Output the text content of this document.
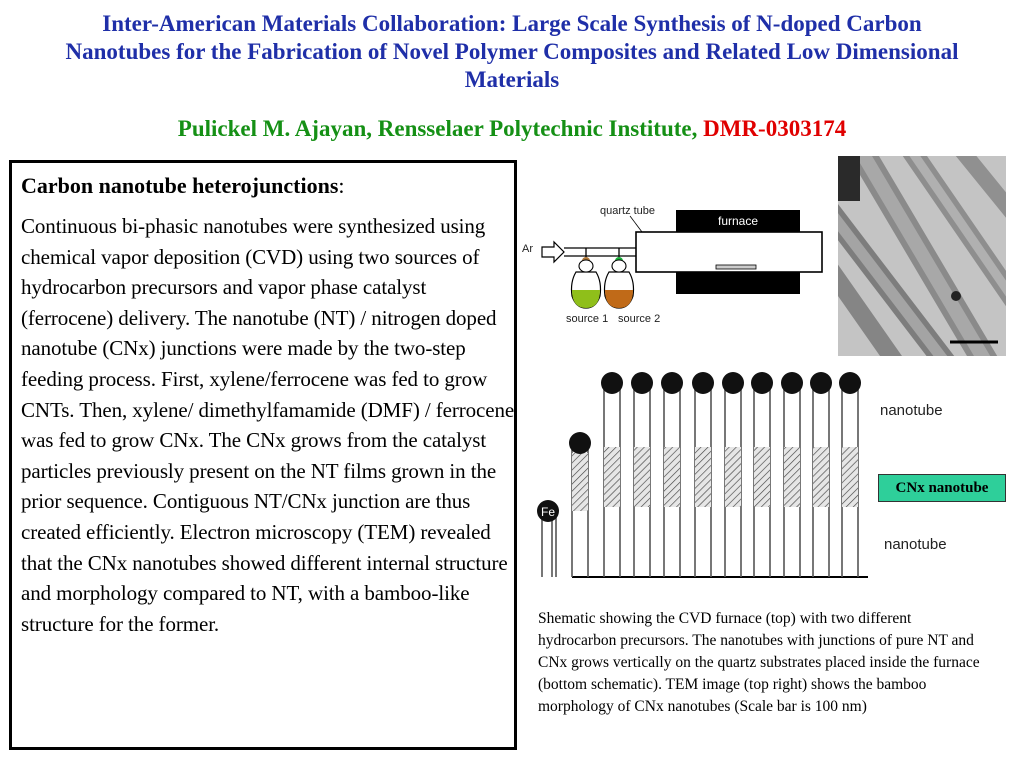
Inter-American Materials Collaboration: Large Scale Synthesis of N-doped Carbon Nanotubes for the Fabrication of Novel Polymer Composites and Related Low Dimensional Materials
Pulickel M. Ajayan, Rensselaer Polytechnic Institute, DMR-0303174
Carbon nanotube heterojunctions:
Continuous bi-phasic nanotubes were synthesized using chemical vapor deposition (CVD) using two sources of hydrocarbon precursors and vapor phase catalyst (ferrocene) delivery. The nanotube (NT) / nitrogen doped nanotube (CNx) junctions were made by the two-step feeding process. First, xylene/ferrocene was fed to grow CNTs. Then, xylene/ dimethylfamamide (DMF) / ferrocene was fed to grow CNx. The CNx grows from the catalyst particles previously present on the NT films grown in the prior sequence. Contiguous NT/CNx junction are thus created efficiently. Electron microscopy (TEM) revealed that the CNx nanotubes showed different internal structure and morphology compared to NT, with a bamboo-like structure for the former.
quartz tube
furnace
Ar
source 1 source 2
Fe
nanotube
nanotube
CNx nanotube
Shematic showing the CVD furnace (top) with two different hydrocarbon precursors. The nanotubes with junctions of pure NT and CNx grows vertically on the quartz substrates placed inside the furnace (bottom schematic). TEM image (top right) shows the bamboo morphology of CNx nanotubes (Scale bar is 100 nm)
